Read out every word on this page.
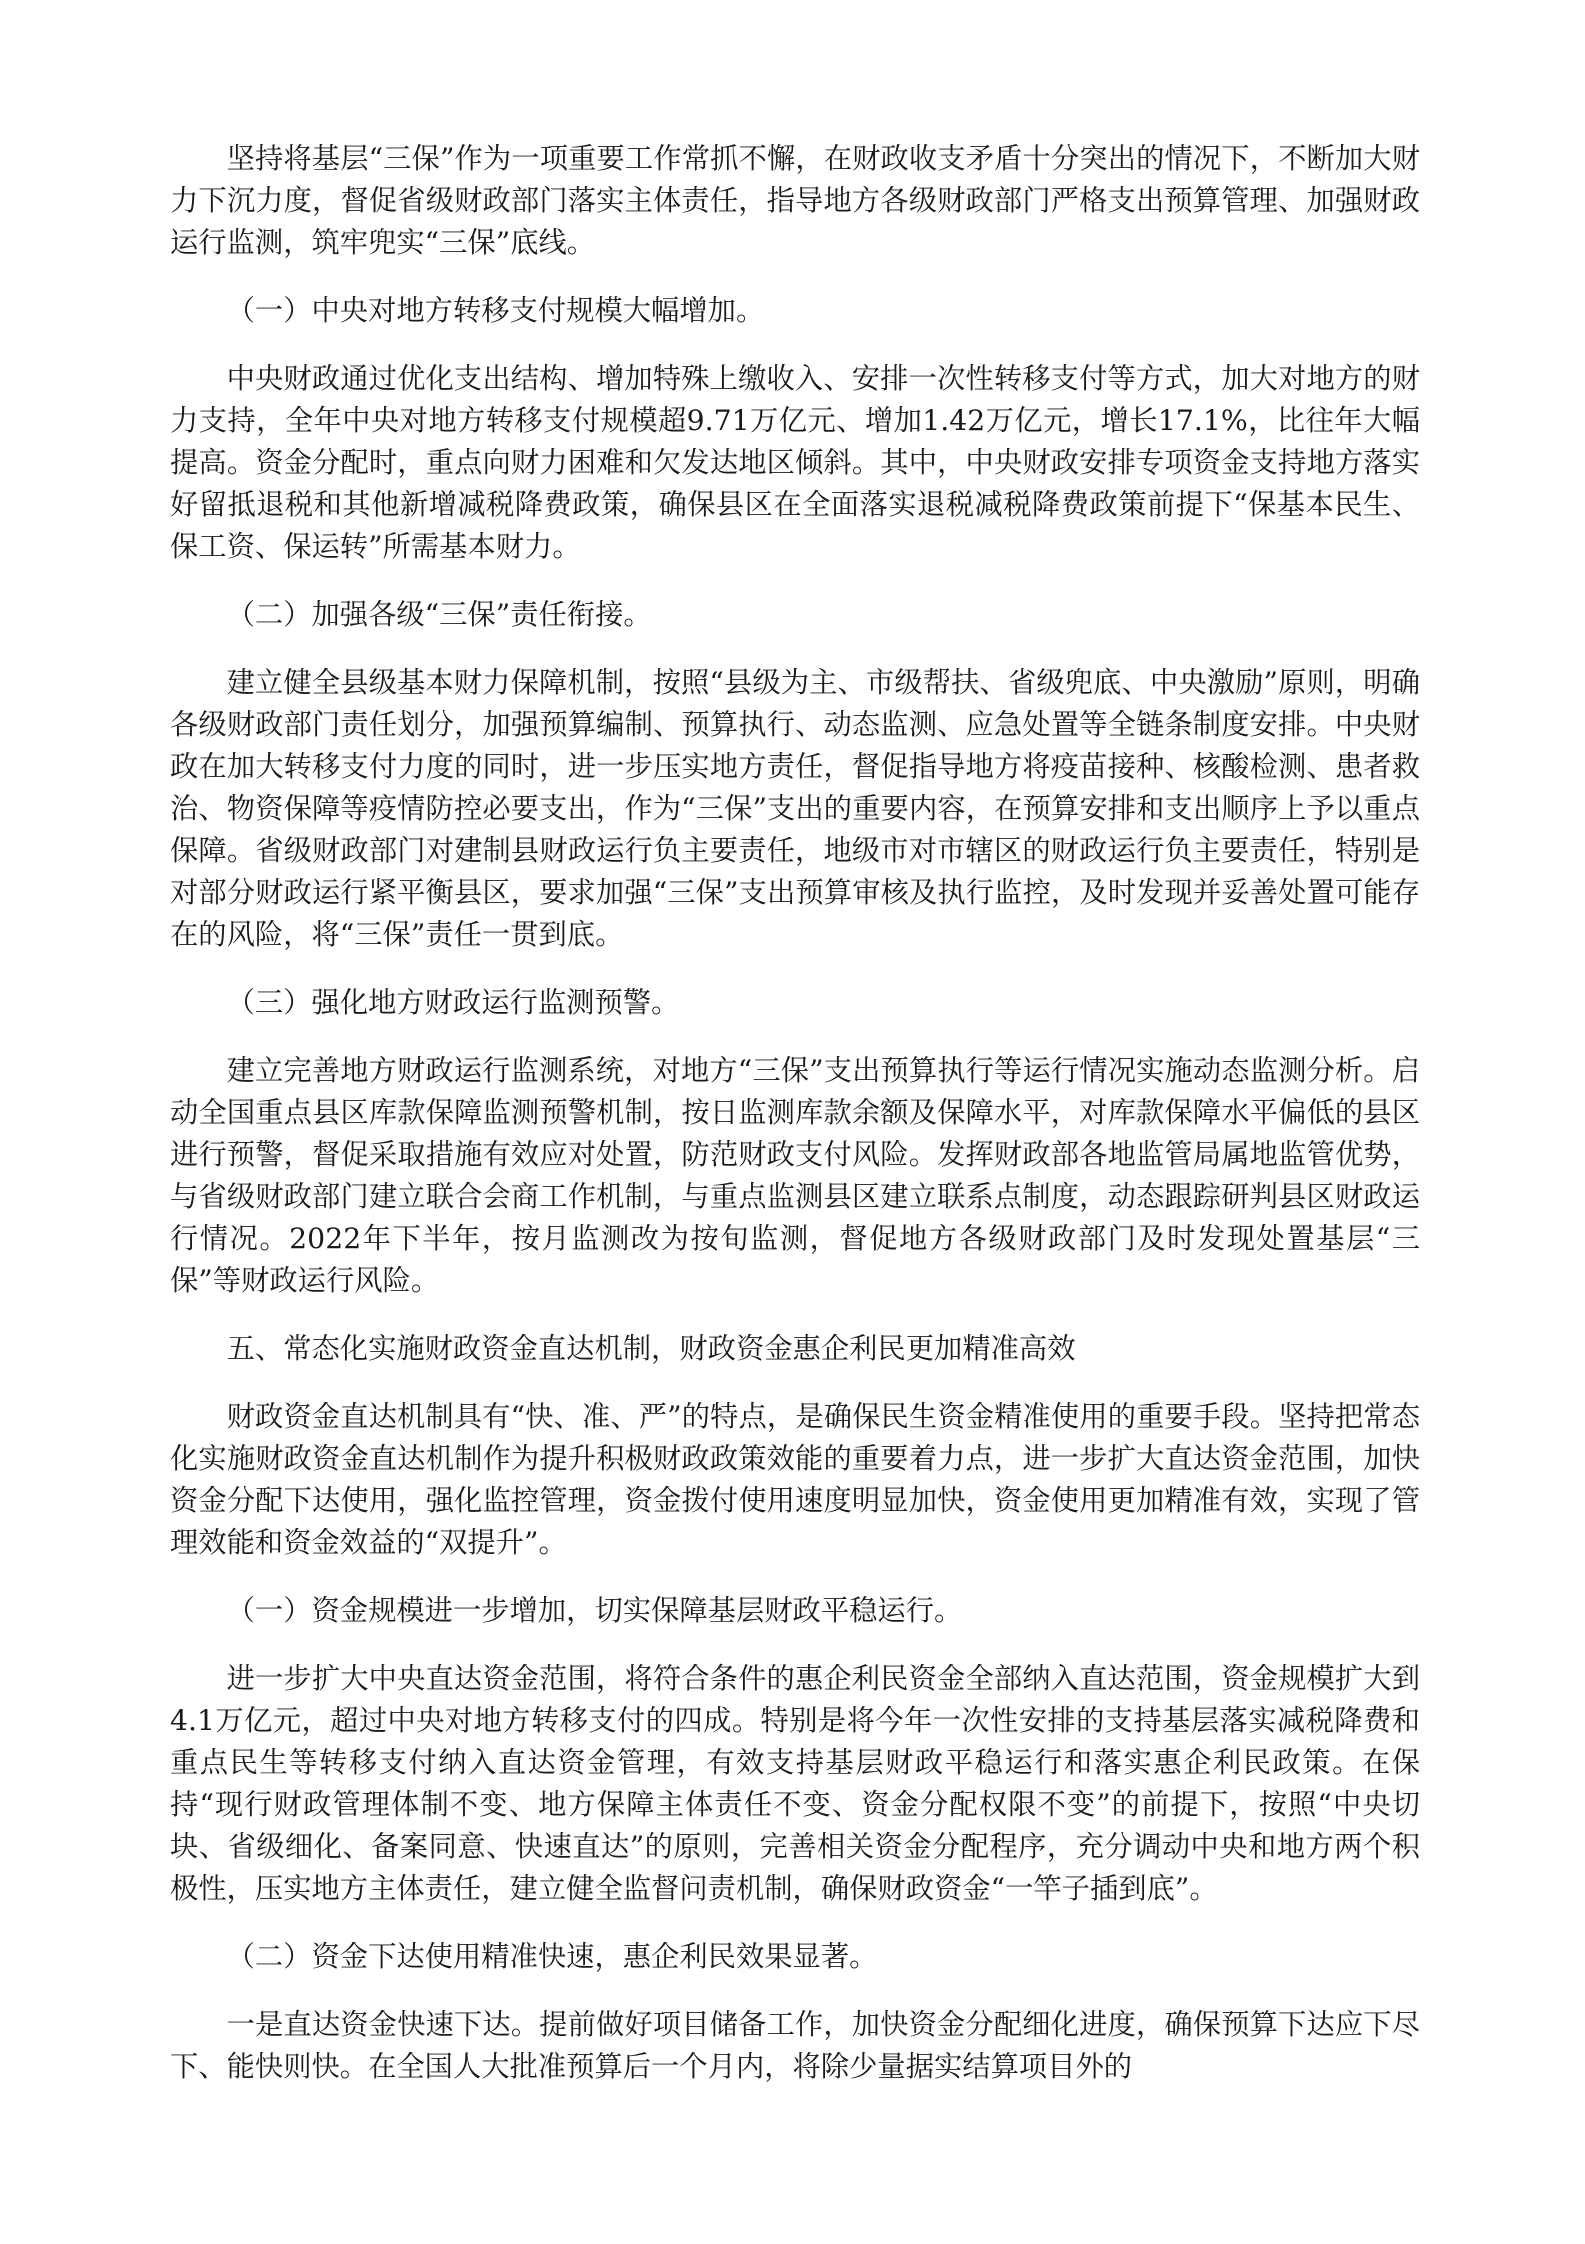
坚持将基层“三保”作为一项重要工作常抓不懈，在财政收支矛盾十分突出的情况下，不断加大财力下沉力度，督促省级财政部门落实主体责任，指导地方各级财政部门严格支出预算管理、加强财政运行监测，筑牢兜实“三保”底线。

（一）中央对地方转移支付规模大幅增加。

中央财政通过优化支出结构、增加特殊上缴收入、安排一次性转移支付等方式，加大对地方的财力支持，全年中央对地方转移支付规模超9.71万亿元、增加1.42万亿元，增长17.1%，比往年大幅提高。资金分配时，重点向财力困难和欠发达地区倾斜。其中，中央财政安排专项资金支持地方落实好留抵退税和其他新增减税降费政策，确保县区在全面落实退税减税降费政策前提下“保基本民生、保工资、保运转”所需基本财力。

（二）加强各级“三保”责任衔接。

建立健全县级基本财力保障机制，按照“县级为主、市级帮扶、省级兜底、中央激励”原则，明确各级财政部门责任划分，加强预算编制、预算执行、动态监测、应急处置等全链条制度安排。中央财政在加大转移支付力度的同时，进一步压实地方责任，督促指导地方将疫苗接种、核酸检测、患者救治、物资保障等疫情防控必要支出，作为“三保”支出的重要内容，在预算安排和支出顺序上予以重点保障。省级财政部门对建制县财政运行负主要责任，地级市对市辖区的财政运行负主要责任，特别是对部分财政运行紧平衡县区，要求加强“三保”支出预算审核及执行监控，及时发现并妥善处置可能存在的风险，将“三保”责任一贯到底。

（三）强化地方财政运行监测预警。

建立完善地方财政运行监测系统，对地方“三保”支出预算执行等运行情况实施动态监测分析。启动全国重点县区库款保障监测预警机制，按日监测库款余额及保障水平，对库款保障水平偏低的县区进行预警，督促采取措施有效应对处置，防范财政支付风险。发挥财政部各地监管局属地监管优势，与省级财政部门建立联合会商工作机制，与重点监测县区建立联系点制度，动态跟踪研判县区财政运行情况。2022年下半年，按月监测改为按旬监测，督促地方各级财政部门及时发现处置基层“三保”等财政运行风险。

五、常态化实施财政资金直达机制，财政资金惠企利民更加精准高效

财政资金直达机制具有“快、准、严”的特点，是确保民生资金精准使用的重要手段。坚持把常态化实施财政资金直达机制作为提升积极财政政策效能的重要着力点，进一步扩大直达资金范围，加快资金分配下达使用，强化监控管理，资金拨付使用速度明显加快，资金使用更加精准有效，实现了管理效能和资金效益的“双提升”。

（一）资金规模进一步增加，切实保障基层财政平稳运行。

进一步扩大中央直达资金范围，将符合条件的惠企利民资金全部纳入直达范围，资金规模扩大到4.1万亿元，超过中央对地方转移支付的四成。特别是将今年一次性安排的支持基层落实减税降费和重点民生等转移支付纳入直达资金管理，有效支持基层财政平稳运行和落实惠企利民政策。在保持“现行财政管理体制不变、地方保障主体责任不变、资金分配权限不变”的前提下，按照“中央切块、省级细化、备案同意、快速直达”的原则，完善相关资金分配程序，充分调动中央和地方两个积极性，压实地方主体责任，建立健全监督问责机制，确保财政资金“一竿子插到底”。

（二）资金下达使用精准快速，惠企利民效果显著。

一是直达资金快速下达。提前做好项目储备工作，加快资金分配细化进度，确保预算下达应下尽下、能快则快。在全国人大批准预算后一个月内，将除少量据实结算项目外的
